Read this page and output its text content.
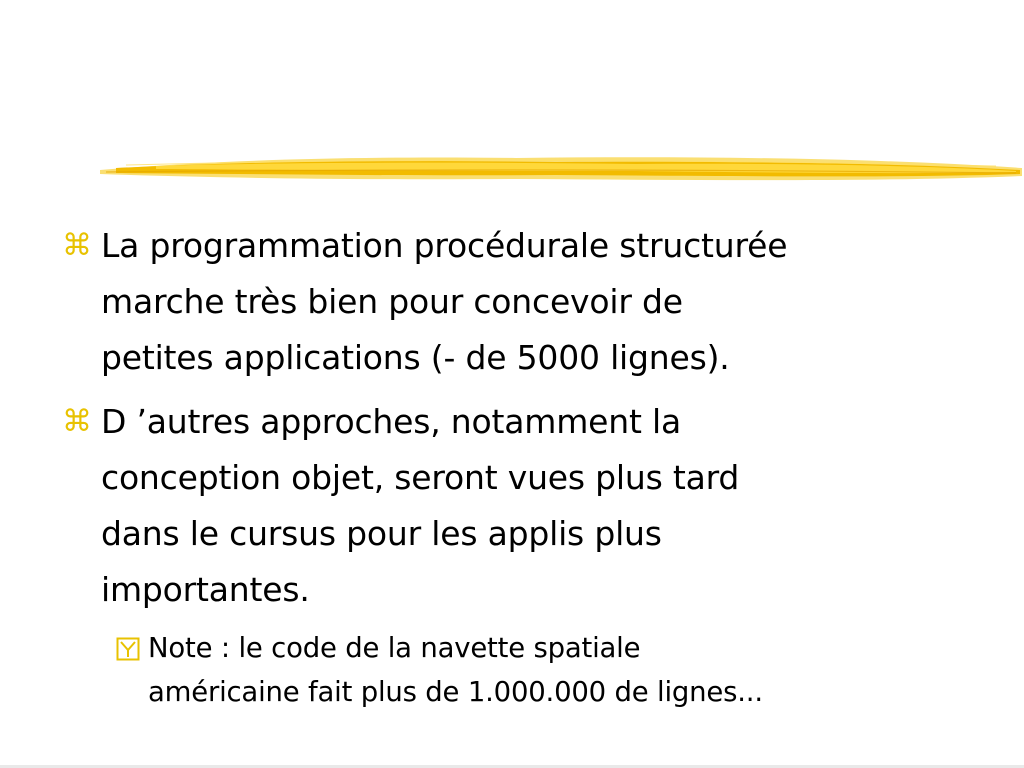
⌘ La programmation procédurale structurée
marche très bien pour concevoir de
petites applications (- de 5000 lignes).
⌘ D ’autres approches, notamment la
conception objet, seront vues plus tard
dans le cursus pour les applis plus
importantes.
Note : le code de la navette spatiale
américaine fait plus de 1.000.000 de lignes...
